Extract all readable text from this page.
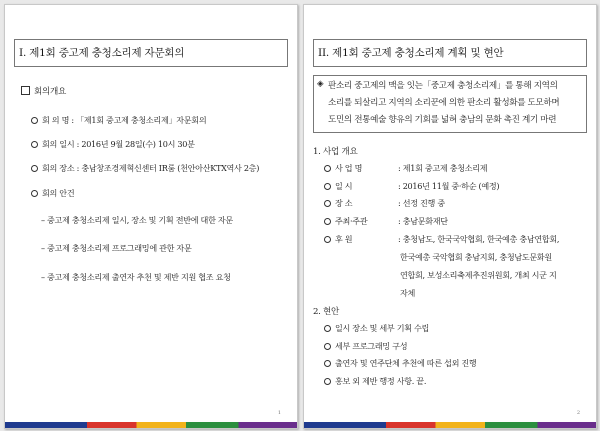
I. 제1회 중고제 충청소리제 자문회의
회의개요
회 의 명 : 「제1회 중고제 충청소리제」자문회의
회의 일시 : 2016년 9월 28일(수) 10시 30분
회의 장소 : 충남창조경제혁신센터 IR룸 (천안아산KTX역사 2층)
회의 안건
– 중고제 충청소리제 일시, 장소 및 기획 전반에 대한 자문
– 중고제 충청소리제 프로그래밍에 관한 자문
– 중고제 충청소리제 출연자 추천 및 제반 지원 협조 요청
1
II. 제1회 중고제 충청소리제 계획 및 현안
◈ 판소리 중고제의 맥을 잇는「중고제 충청소리제」를 통해 지역의
소리를 되살리고 지역의 소리꾼에 의한 판소리 활성화를 도모하며
도민의 전통예술 향유의 기회를 넓혀 충남의 문화 촉진 계기 마련
1. 사업 개요
사 업 명	: 제1회 중고제 충청소리제
일 시	: 2016년 11월 중·하순 (예정)
장 소	: 선정 진행 중
주최·주관	: 충남문화재단
후 원	: 충청남도, 한국국악협회, 한국예총 충남연합회,
한국예총 국악협회 충남지회, 충청남도문화원
연합회, 보성소리축제추진위원회, 개최 시군 지
자체
2. 현안
일시 장소 및 세부 기획 수립
세부 프로그래밍 구성
출연자 및 연주단체 추천에 따른 섭외 진행
홍보 외 제반 행정 사항. 끝.
2
